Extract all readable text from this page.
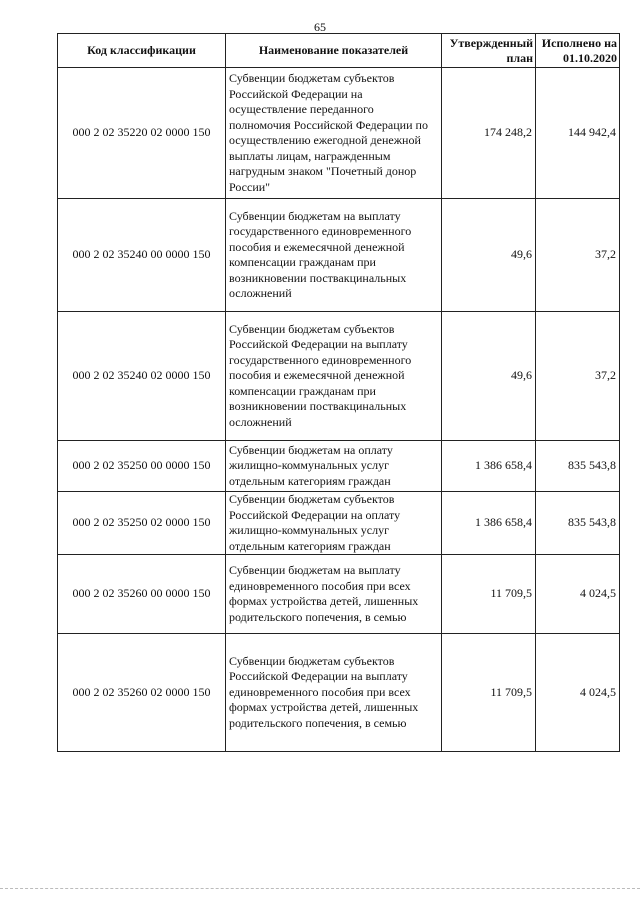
65
Код классификации	Наименование показателей	Утвержденный план	Исполнено на 01.10.2020
000 2 02 35220 02 0000 150	Субвенции бюджетам субъектов Российской Федерации на осуществление переданного полномочия Российской Федерации по осуществлению ежегодной денежной выплаты лицам, награжденным нагрудным знаком "Почетный донор России"	174 248,2	144 942,4
000 2 02 35240 00 0000 150	Субвенции бюджетам на выплату государственного единовременного пособия и ежемесячной денежной компенсации гражданам при возникновении поствакцинальных осложнений	49,6	37,2
000 2 02 35240 02 0000 150	Субвенции бюджетам субъектов Российской Федерации на выплату государственного единовременного пособия и ежемесячной денежной компенсации гражданам при возникновении поствакцинальных осложнений	49,6	37,2
000 2 02 35250 00 0000 150	Субвенции бюджетам на оплату жилищно-коммунальных услуг отдельным категориям граждан	1 386 658,4	835 543,8
000 2 02 35250 02 0000 150	Субвенции бюджетам субъектов Российской Федерации на оплату жилищно-коммунальных услуг отдельным категориям граждан	1 386 658,4	835 543,8
000 2 02 35260 00 0000 150	Субвенции бюджетам на выплату единовременного пособия при всех формах устройства детей, лишенных родительского попечения, в семью	11 709,5	4 024,5
000 2 02 35260 02 0000 150	Субвенции бюджетам субъектов Российской Федерации на выплату единовременного пособия при всех формах устройства детей, лишенных родительского попечения, в семью	11 709,5	4 024,5
